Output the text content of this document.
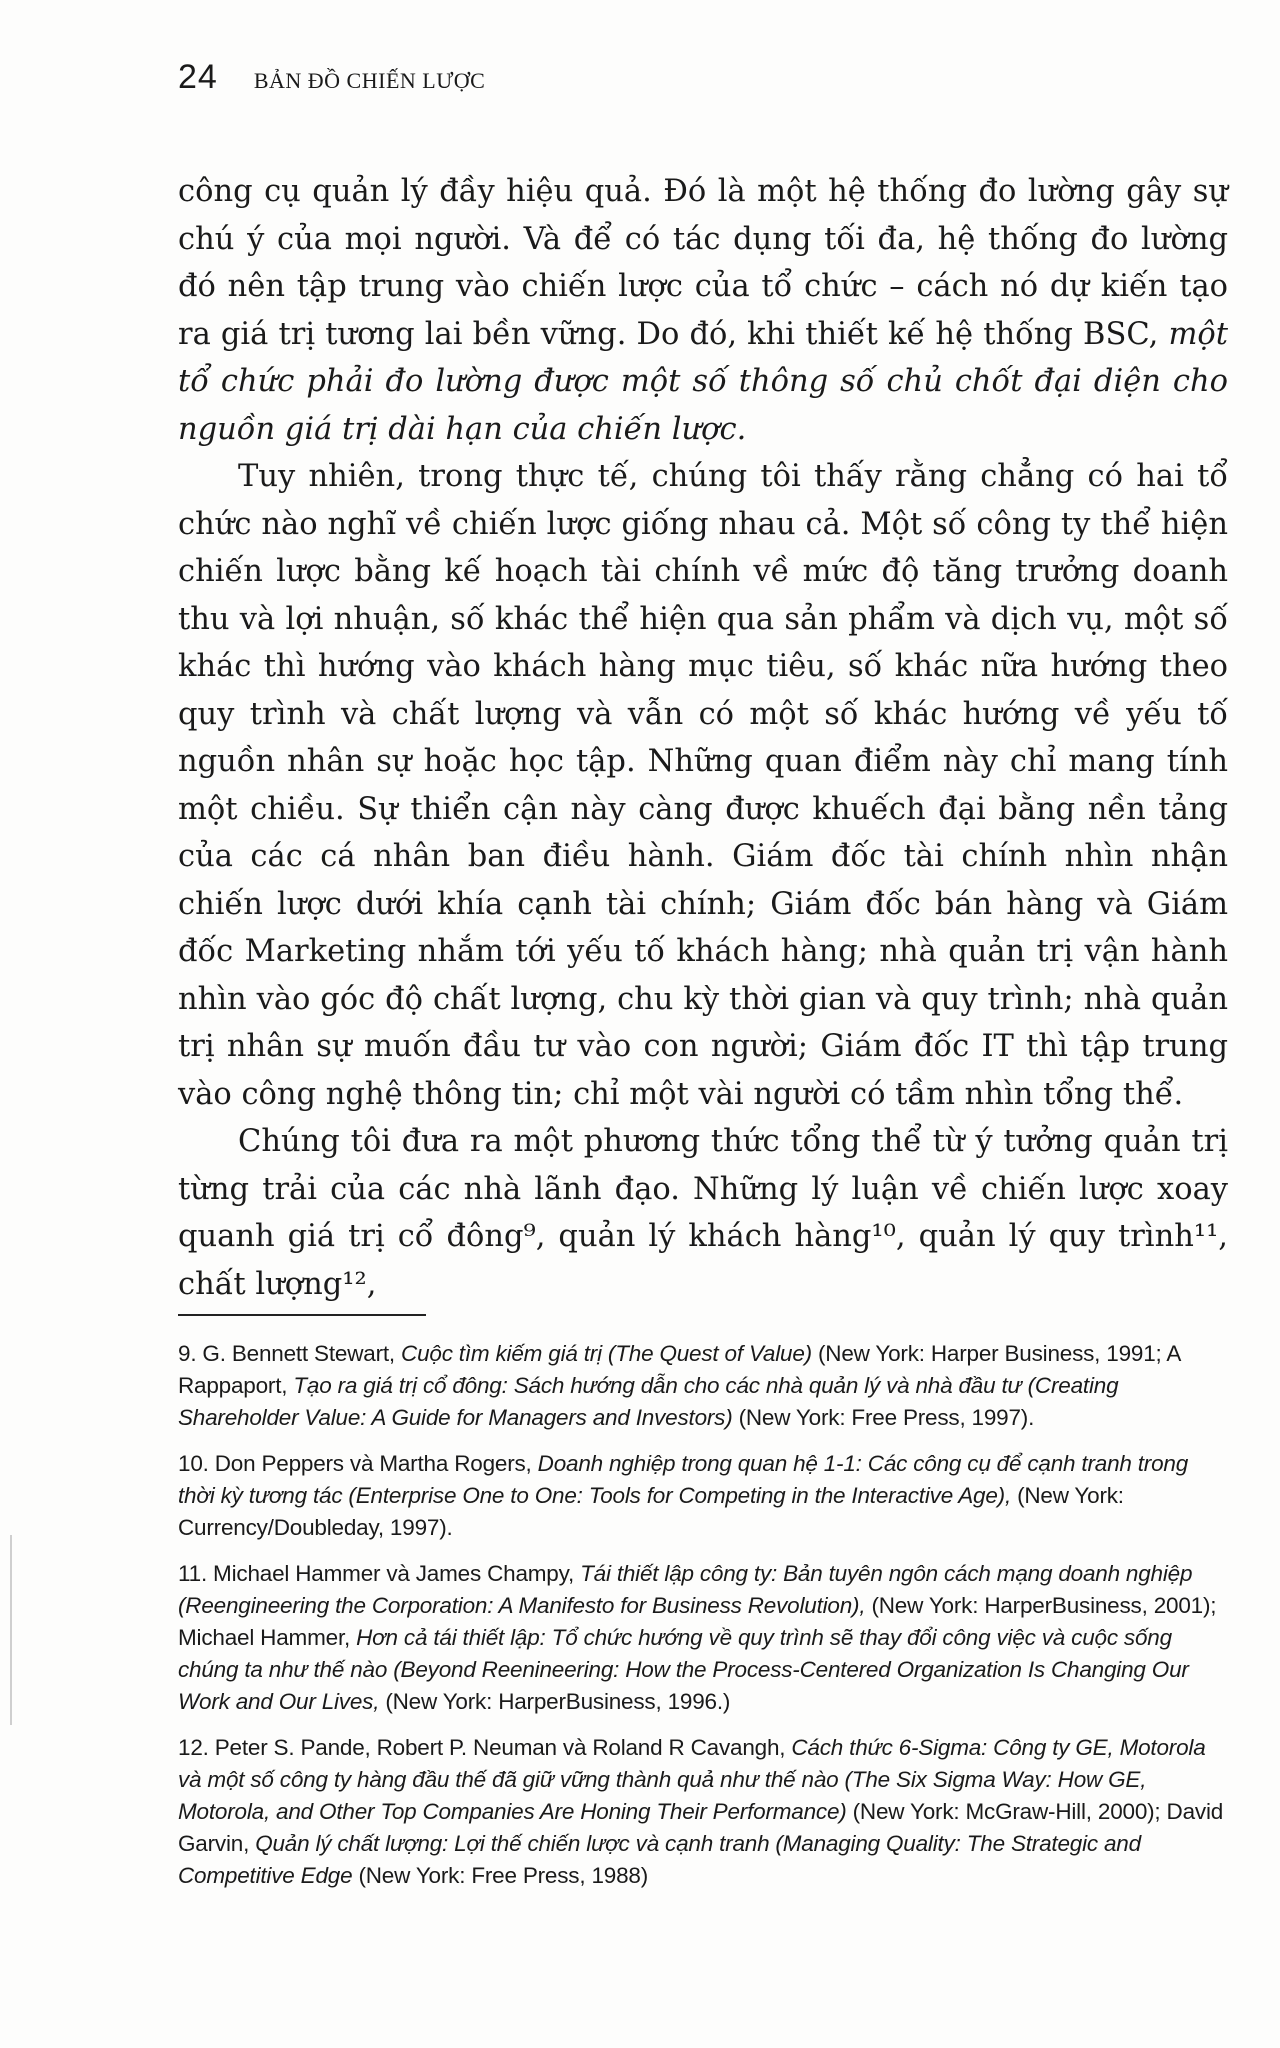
24 BẢN ĐỒ CHIẾN LƯỢC

công cụ quản lý đầy hiệu quả. Đó là một hệ thống đo lường gây sự chú ý của mọi người. Và để có tác dụng tối đa, hệ thống đo lường đó nên tập trung vào chiến lược của tổ chức – cách nó dự kiến tạo ra giá trị tương lai bền vững. Do đó, khi thiết kế hệ thống BSC, một tổ chức phải đo lường được một số thông số chủ chốt đại diện cho nguồn giá trị dài hạn của chiến lược.

Tuy nhiên, trong thực tế, chúng tôi thấy rằng chẳng có hai tổ chức nào nghĩ về chiến lược giống nhau cả. Một số công ty thể hiện chiến lược bằng kế hoạch tài chính về mức độ tăng trưởng doanh thu và lợi nhuận, số khác thể hiện qua sản phẩm và dịch vụ, một số khác thì hướng vào khách hàng mục tiêu, số khác nữa hướng theo quy trình và chất lượng và vẫn có một số khác hướng về yếu tố nguồn nhân sự hoặc học tập. Những quan điểm này chỉ mang tính một chiều. Sự thiển cận này càng được khuếch đại bằng nền tảng của các cá nhân ban điều hành. Giám đốc tài chính nhìn nhận chiến lược dưới khía cạnh tài chính; Giám đốc bán hàng và Giám đốc Marketing nhắm tới yếu tố khách hàng; nhà quản trị vận hành nhìn vào góc độ chất lượng, chu kỳ thời gian và quy trình; nhà quản trị nhân sự muốn đầu tư vào con người; Giám đốc IT thì tập trung vào công nghệ thông tin; chỉ một vài người có tầm nhìn tổng thể.

Chúng tôi đưa ra một phương thức tổng thể từ ý tưởng quản trị từng trải của các nhà lãnh đạo. Những lý luận về chiến lược xoay quanh giá trị cổ đông⁹, quản lý khách hàng¹⁰, quản lý quy trình¹¹, chất lượng¹²,

9. G. Bennett Stewart, Cuộc tìm kiếm giá trị (The Quest of Value) (New York: Harper Business, 1991; A Rappaport, Tạo ra giá trị cổ đông: Sách hướng dẫn cho các nhà quản lý và nhà đầu tư (Creating Shareholder Value: A Guide for Managers and Investors) (New York: Free Press, 1997).

10. Don Peppers và Martha Rogers, Doanh nghiệp trong quan hệ 1-1: Các công cụ để cạnh tranh trong thời kỳ tương tác (Enterprise One to One: Tools for Competing in the Interactive Age), (New York: Currency/Doubleday, 1997).

11. Michael Hammer và James Champy, Tái thiết lập công ty: Bản tuyên ngôn cách mạng doanh nghiệp (Reengineering the Corporation: A Manifesto for Business Revolution), (New York: HarperBusiness, 2001); Michael Hammer, Hơn cả tái thiết lập: Tổ chức hướng về quy trình sẽ thay đổi công việc và cuộc sống chúng ta như thế nào (Beyond Reenineering: How the Process-Centered Organization Is Changing Our Work and Our Lives, (New York: HarperBusiness, 1996.)

12. Peter S. Pande, Robert P. Neuman và Roland R Cavangh, Cách thức 6-Sigma: Công ty GE, Motorola và một số công ty hàng đầu thế đã giữ vững thành quả như thế nào (The Six Sigma Way: How GE, Motorola, and Other Top Companies Are Honing Their Performance) (New York: McGraw-Hill, 2000); David Garvin, Quản lý chất lượng: Lợi thế chiến lược và cạnh tranh (Managing Quality: The Strategic and Competitive Edge (New York: Free Press, 1988)
